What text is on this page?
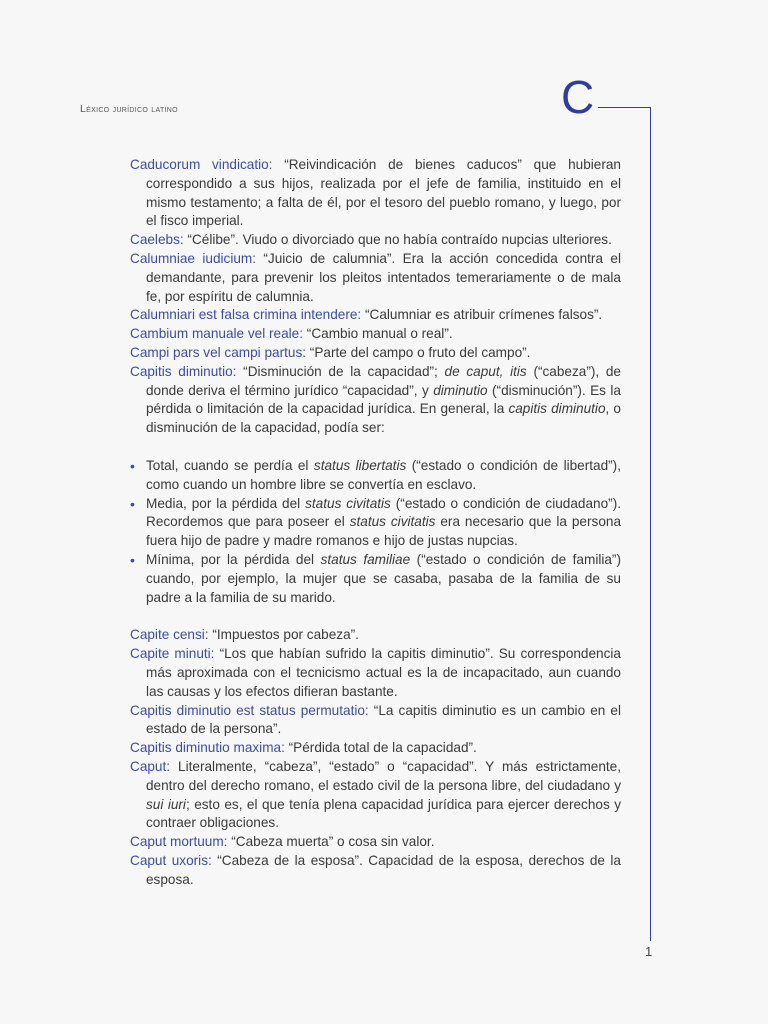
Léxico jurídico latino	C
Caducorum vindicatio: “Reivindicación de bienes caducos” que hubieran correspondido a sus hijos, realizada por el jefe de familia, instituido en el mismo testamento; a falta de él, por el tesoro del pueblo romano, y luego, por el fisco imperial.
Caelebs: “Célibe”. Viudo o divorciado que no había contraído nupcias ulteriores.
Calumniae iudicium: “Juicio de calumnia”. Era la acción concedida contra el demandante, para prevenir los pleitos intentados temerariamente o de mala fe, por espíritu de calumnia.
Calumniari est falsa crimina intendere: “Calumniar es atribuir crímenes falsos”.
Cambium manuale vel reale: “Cambio manual o real”.
Campi pars vel campi partus: “Parte del campo o fruto del campo”.
Capitis diminutio: “Disminución de la capacidad”; de caput, itis (“cabeza”), de donde deriva el término jurídico “capacidad”, y diminutio (“disminución”). Es la pérdida o limitación de la capacidad jurídica. En general, la capitis diminutio, o disminución de la capacidad, podía ser:
• Total, cuando se perdía el status libertatis (“estado o condición de libertad”), como cuando un hombre libre se convertía en esclavo.
• Media, por la pérdida del status civitatis (“estado o condición de ciudadano”). Recordemos que para poseer el status civitatis era necesario que la persona fuera hijo de padre y madre romanos e hijo de justas nupcias.
• Mínima, por la pérdida del status familiae (“estado o condición de familia”) cuando, por ejemplo, la mujer que se casaba, pasaba de la familia de su padre a la familia de su marido.
Capite censi: “Impuestos por cabeza”.
Capite minuti: “Los que habían sufrido la capitis diminutio”. Su correspondencia más aproximada con el tecnicismo actual es la de incapacitado, aun cuando las causas y los efectos difieran bastante.
Capitis diminutio est status permutatio: “La capitis diminutio es un cambio en el estado de la persona”.
Capitis diminutio maxima: “Pérdida total de la capacidad”.
Caput: Literalmente, “cabeza”, “estado” o “capacidad”. Y más estrictamente, dentro del derecho romano, el estado civil de la persona libre, del ciudadano y sui iuri; esto es, el que tenía plena capacidad jurídica para ejercer derechos y contraer obligaciones.
Caput mortuum: “Cabeza muerta” o cosa sin valor.
Caput uxoris: “Cabeza de la esposa”. Capacidad de la esposa, derechos de la esposa.
1
